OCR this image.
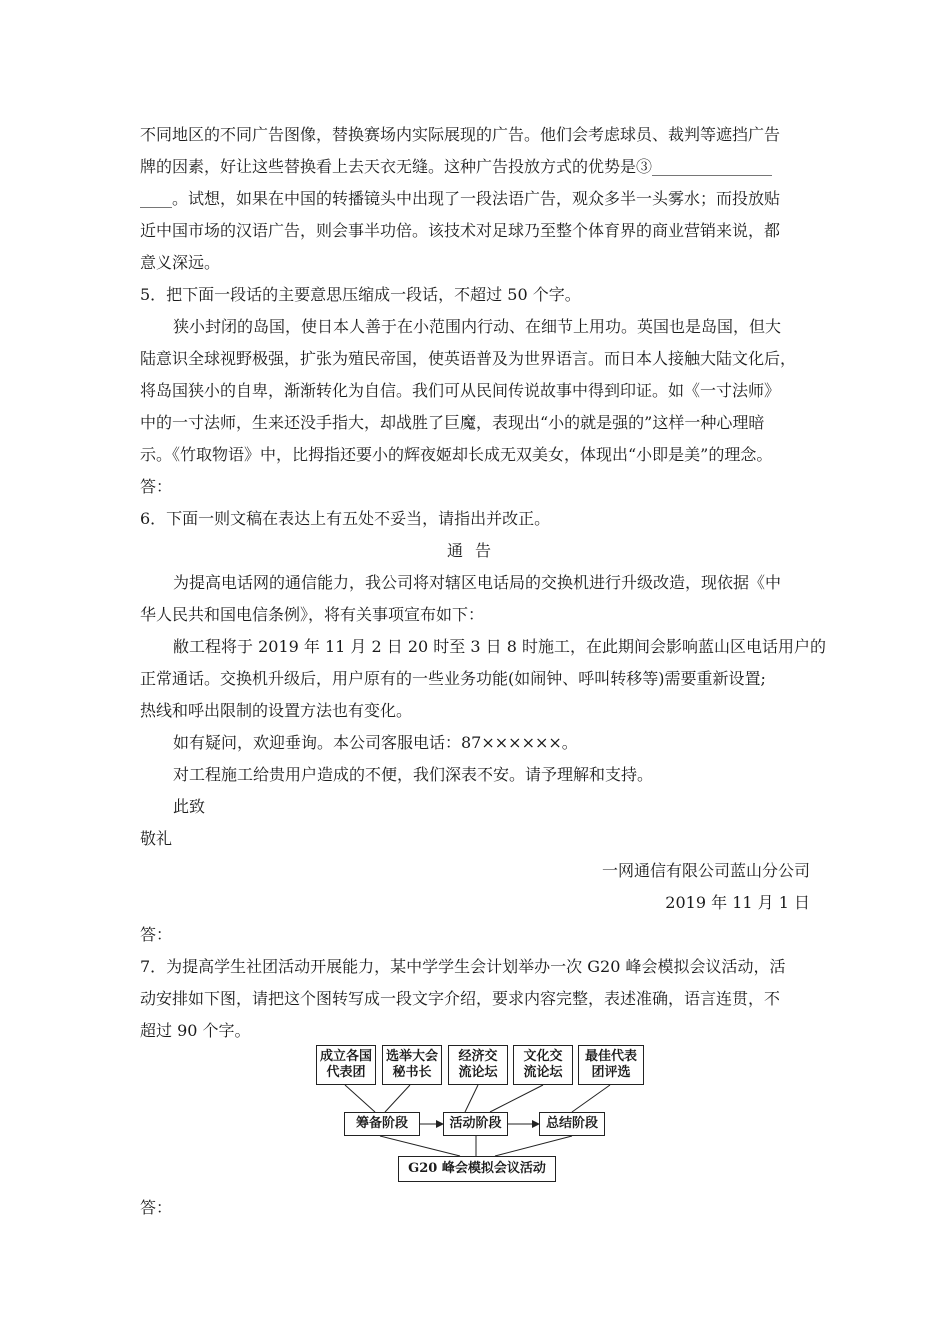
不同地区的不同广告图像，替换赛场内实际展现的广告。他们会考虑球员、裁判等遮挡广告
牌的因素，好让这些替换看上去天衣无缝。这种广告投放方式的优势是③_______________
____。试想，如果在中国的转播镜头中出现了一段法语广告，观众多半一头雾水；而投放贴
近中国市场的汉语广告，则会事半功倍。该技术对足球乃至整个体育界的商业营销来说，都
意义深远。
5．把下面一段话的主要意思压缩成一段话，不超过 50 个字。
狭小封闭的岛国，使日本人善于在小范围内行动、在细节上用功。英国也是岛国，但大
陆意识全球视野极强，扩张为殖民帝国，使英语普及为世界语言。而日本人接触大陆文化后，
将岛国狭小的自卑，渐渐转化为自信。我们可从民间传说故事中得到印证。如《一寸法师》
中的一寸法师，生来还没手指大，却战胜了巨魔，表现出“小的就是强的”这样一种心理暗
示。《竹取物语》中，比拇指还要小的辉夜姬却长成无双美女，体现出“小即是美”的理念。
答：
6．下面一则文稿在表达上有五处不妥当，请指出并改正。
通告
为提高电话网的通信能力，我公司将对辖区电话局的交换机进行升级改造，现依据《中
华人民共和国电信条例》，将有关事项宣布如下：
敝工程将于 2019 年 11 月 2 日 20 时至 3 日 8 时施工，在此期间会影响蓝山区电话用户的
正常通话。交换机升级后，用户原有的一些业务功能(如闹钟、呼叫转移等)需要重新设置;
热线和呼出限制的设置方法也有变化。
如有疑问，欢迎垂询。本公司客服电话：87××××××。
对工程施工给贵用户造成的不便，我们深表不安。请予理解和支持。
此致
敬礼
一网通信有限公司蓝山分公司
2019 年 11 月 1 日
答：
7．为提高学生社团活动开展能力，某中学学生会计划举办一次 G20 峰会模拟会议活动，活
动安排如下图，请把这个图转写成一段文字介绍，要求内容完整，表述准确，语言连贯，不
超过 90 个字。
成立各国
代表团
选举大会
秘书长
经济交
流论坛
文化交
流论坛
最佳代表
团评选
筹备阶段	活动阶段	总结阶段
G20 峰会模拟会议活动
答：
